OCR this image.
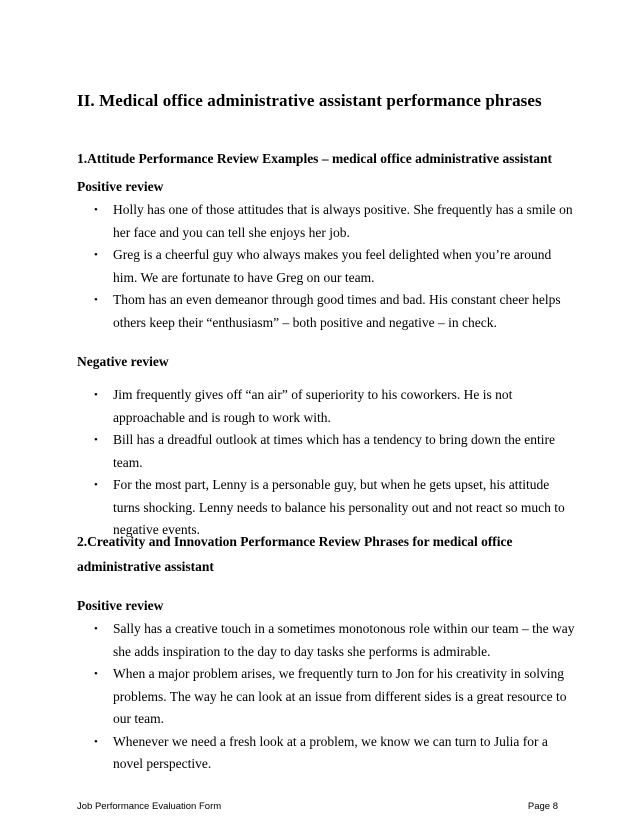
II. Medical office administrative assistant performance phrases
1.Attitude Performance Review Examples – medical office administrative assistant
Positive review
• Holly has one of those attitudes that is always positive. She frequently has a smile on her face and you can tell she enjoys her job.
• Greg is a cheerful guy who always makes you feel delighted when you’re around him. We are fortunate to have Greg on our team.
• Thom has an even demeanor through good times and bad. His constant cheer helps others keep their “enthusiasm” – both positive and negative – in check.
Negative review
• Jim frequently gives off “an air” of superiority to his coworkers. He is not approachable and is rough to work with.
• Bill has a dreadful outlook at times which has a tendency to bring down the entire team.
• For the most part, Lenny is a personable guy, but when he gets upset, his attitude turns shocking. Lenny needs to balance his personality out and not react so much to negative events.
2.Creativity and Innovation Performance Review Phrases for medical office administrative assistant
Positive review
• Sally has a creative touch in a sometimes monotonous role within our team – the way she adds inspiration to the day to day tasks she performs is admirable.
• When a major problem arises, we frequently turn to Jon for his creativity in solving problems. The way he can look at an issue from different sides is a great resource to our team.
• Whenever we need a fresh look at a problem, we know we can turn to Julia for a novel perspective.
Job Performance Evaluation Form	Page 8
